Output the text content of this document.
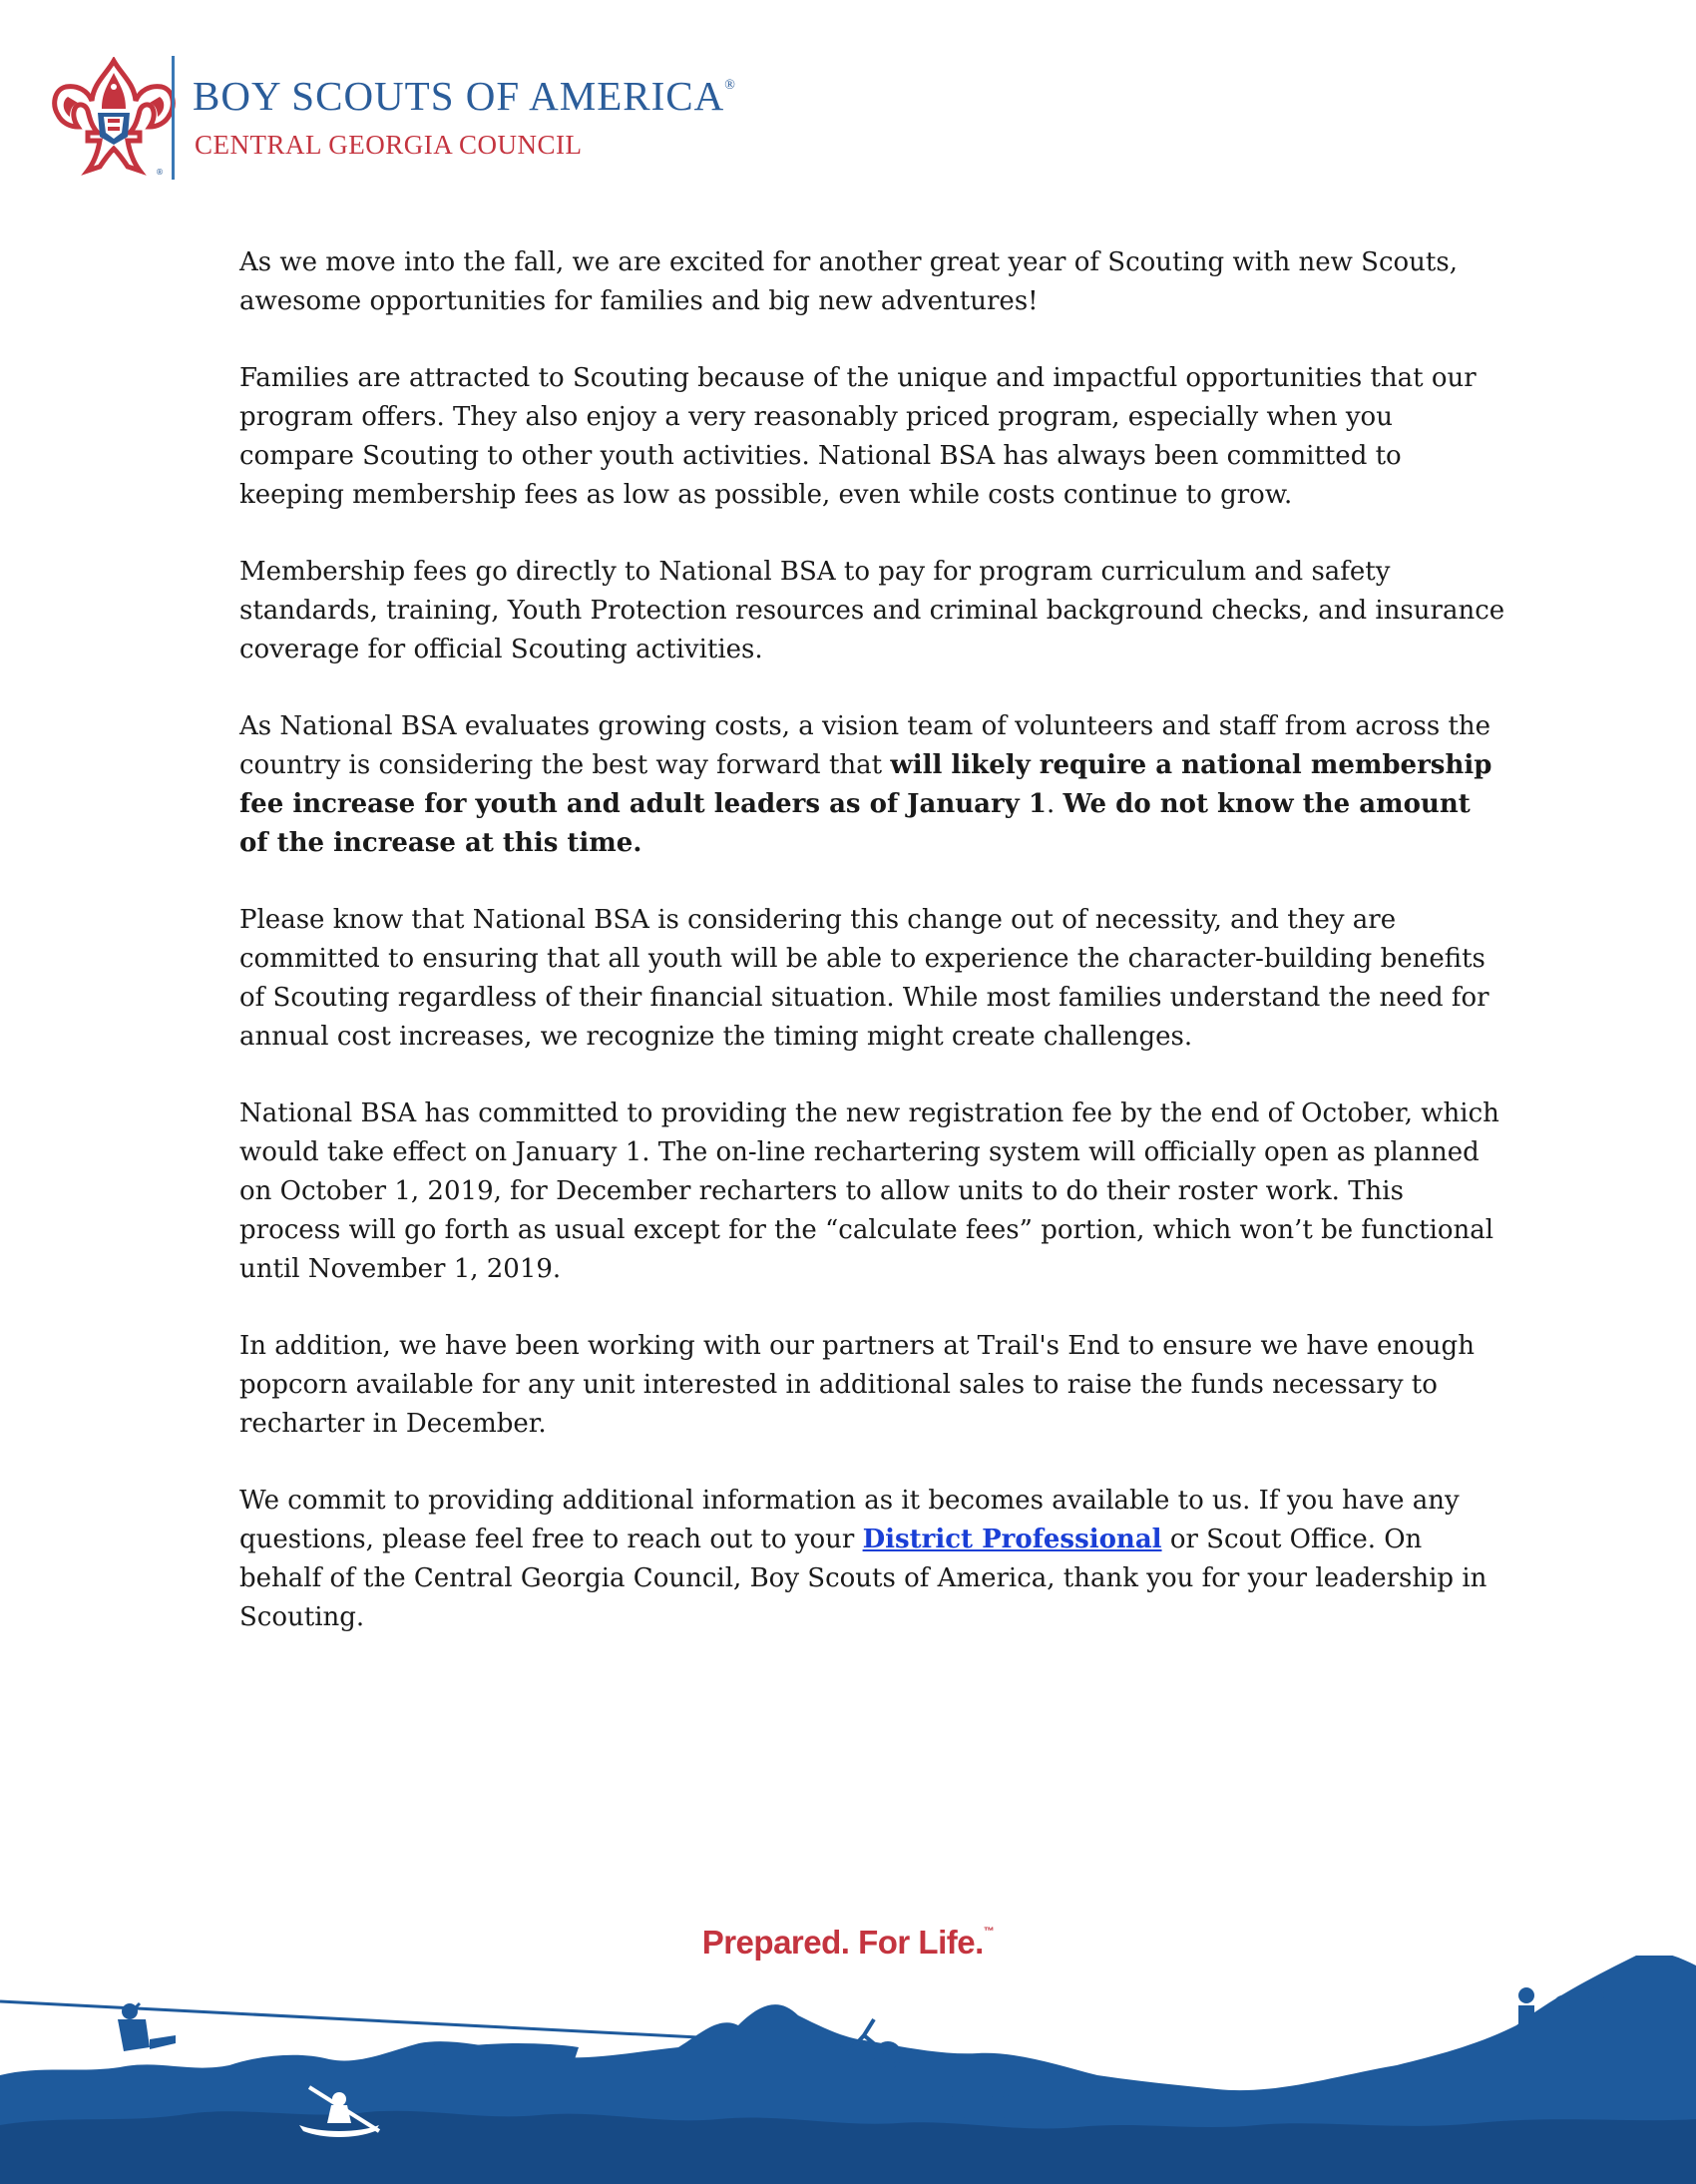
®
BOY SCOUTS OF AMERICA®
CENTRAL GEORGIA COUNCIL

As we move into the fall, we are excited for another great year of Scouting with new Scouts, awesome opportunities for families and big new adventures!

Families are attracted to Scouting because of the unique and impactful opportunities that our program offers. They also enjoy a very reasonably priced program, especially when you compare Scouting to other youth activities. National BSA has always been committed to keeping membership fees as low as possible, even while costs continue to grow.

Membership fees go directly to National BSA to pay for program curriculum and safety standards, training, Youth Protection resources and criminal background checks, and insurance coverage for official Scouting activities.

As National BSA evaluates growing costs, a vision team of volunteers and staff from across the country is considering the best way forward that will likely require a national membership fee increase for youth and adult leaders as of January 1. We do not know the amount of the increase at this time.

Please know that National BSA is considering this change out of necessity, and they are committed to ensuring that all youth will be able to experience the character-building benefits of Scouting regardless of their financial situation. While most families understand the need for annual cost increases, we recognize the timing might create challenges.

National BSA has committed to providing the new registration fee by the end of October, which would take effect on January 1. The on-line rechartering system will officially open as planned on October 1, 2019, for December recharters to allow units to do their roster work. This process will go forth as usual except for the “calculate fees” portion, which won’t be functional until November 1, 2019.

In addition, we have been working with our partners at Trail's End to ensure we have enough popcorn available for any unit interested in additional sales to raise the funds necessary to recharter in December.

We commit to providing additional information as it becomes available to us. If you have any questions, please feel free to reach out to your District Professional or Scout Office. On behalf of the Central Georgia Council, Boy Scouts of America, thank you for your leadership in Scouting.

Prepared. For Life.™
